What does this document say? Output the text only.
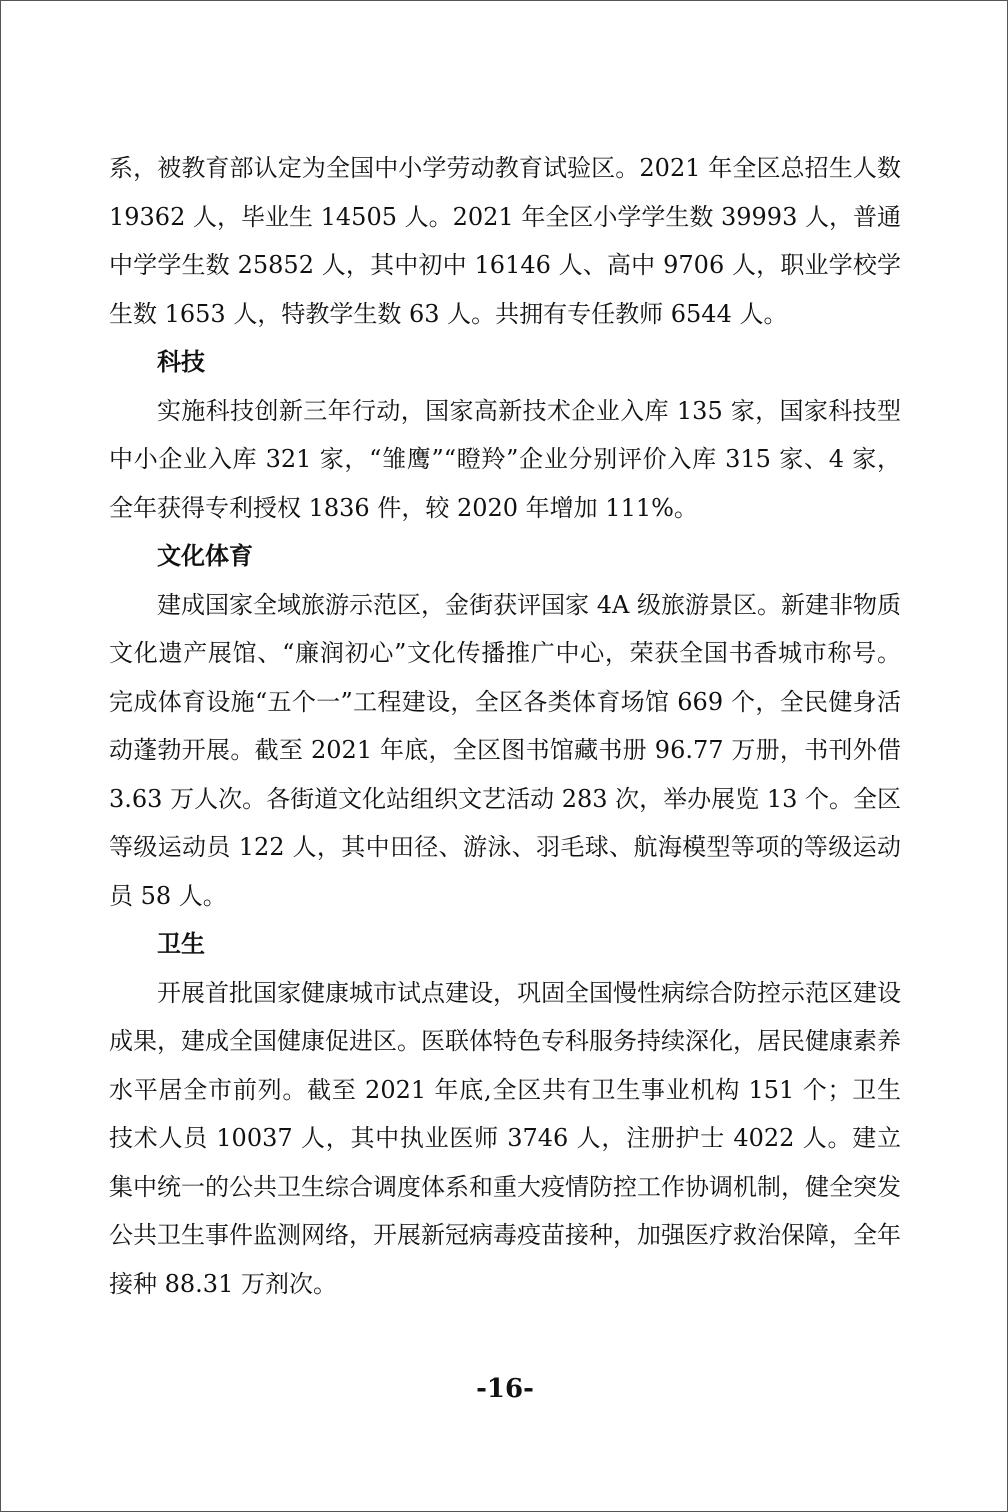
系，被教育部认定为全国中小学劳动教育试验区。2021 年全区总招生人数 19362 人，毕业生 14505 人。2021 年全区小学学生数 39993 人，普通中学学生数 25852 人，其中初中 16146 人、高中 9706 人，职业学校学生数 1653 人，特教学生数 63 人。共拥有专任教师 6544 人。

科技

实施科技创新三年行动，国家高新技术企业入库 135 家，国家科技型中小企业入库 321 家，“雏鹰”“瞪羚”企业分别评价入库 315 家、4 家，全年获得专利授权 1836 件，较 2020 年增加 111%。

文化体育

建成国家全域旅游示范区，金街获评国家 4A 级旅游景区。新建非物质文化遗产展馆、“廉润初心”文化传播推广中心，荣获全国书香城市称号。完成体育设施“五个一”工程建设，全区各类体育场馆 669 个，全民健身活动蓬勃开展。截至 2021 年底，全区图书馆藏书册 96.77 万册，书刊外借 3.63 万人次。各街道文化站组织文艺活动 283 次，举办展览 13 个。全区等级运动员 122 人，其中田径、游泳、羽毛球、航海模型等项的等级运动员 58 人。

卫生

开展首批国家健康城市试点建设，巩固全国慢性病综合防控示范区建设成果，建成全国健康促进区。医联体特色专科服务持续深化，居民健康素养水平居全市前列。截至 2021 年底,全区共有卫生事业机构 151 个；卫生技术人员 10037 人，其中执业医师 3746 人，注册护士 4022 人。建立集中统一的公共卫生综合调度体系和重大疫情防控工作协调机制，健全突发公共卫生事件监测网络，开展新冠病毒疫苗接种，加强医疗救治保障，全年接种 88.31 万剂次。

-16-
